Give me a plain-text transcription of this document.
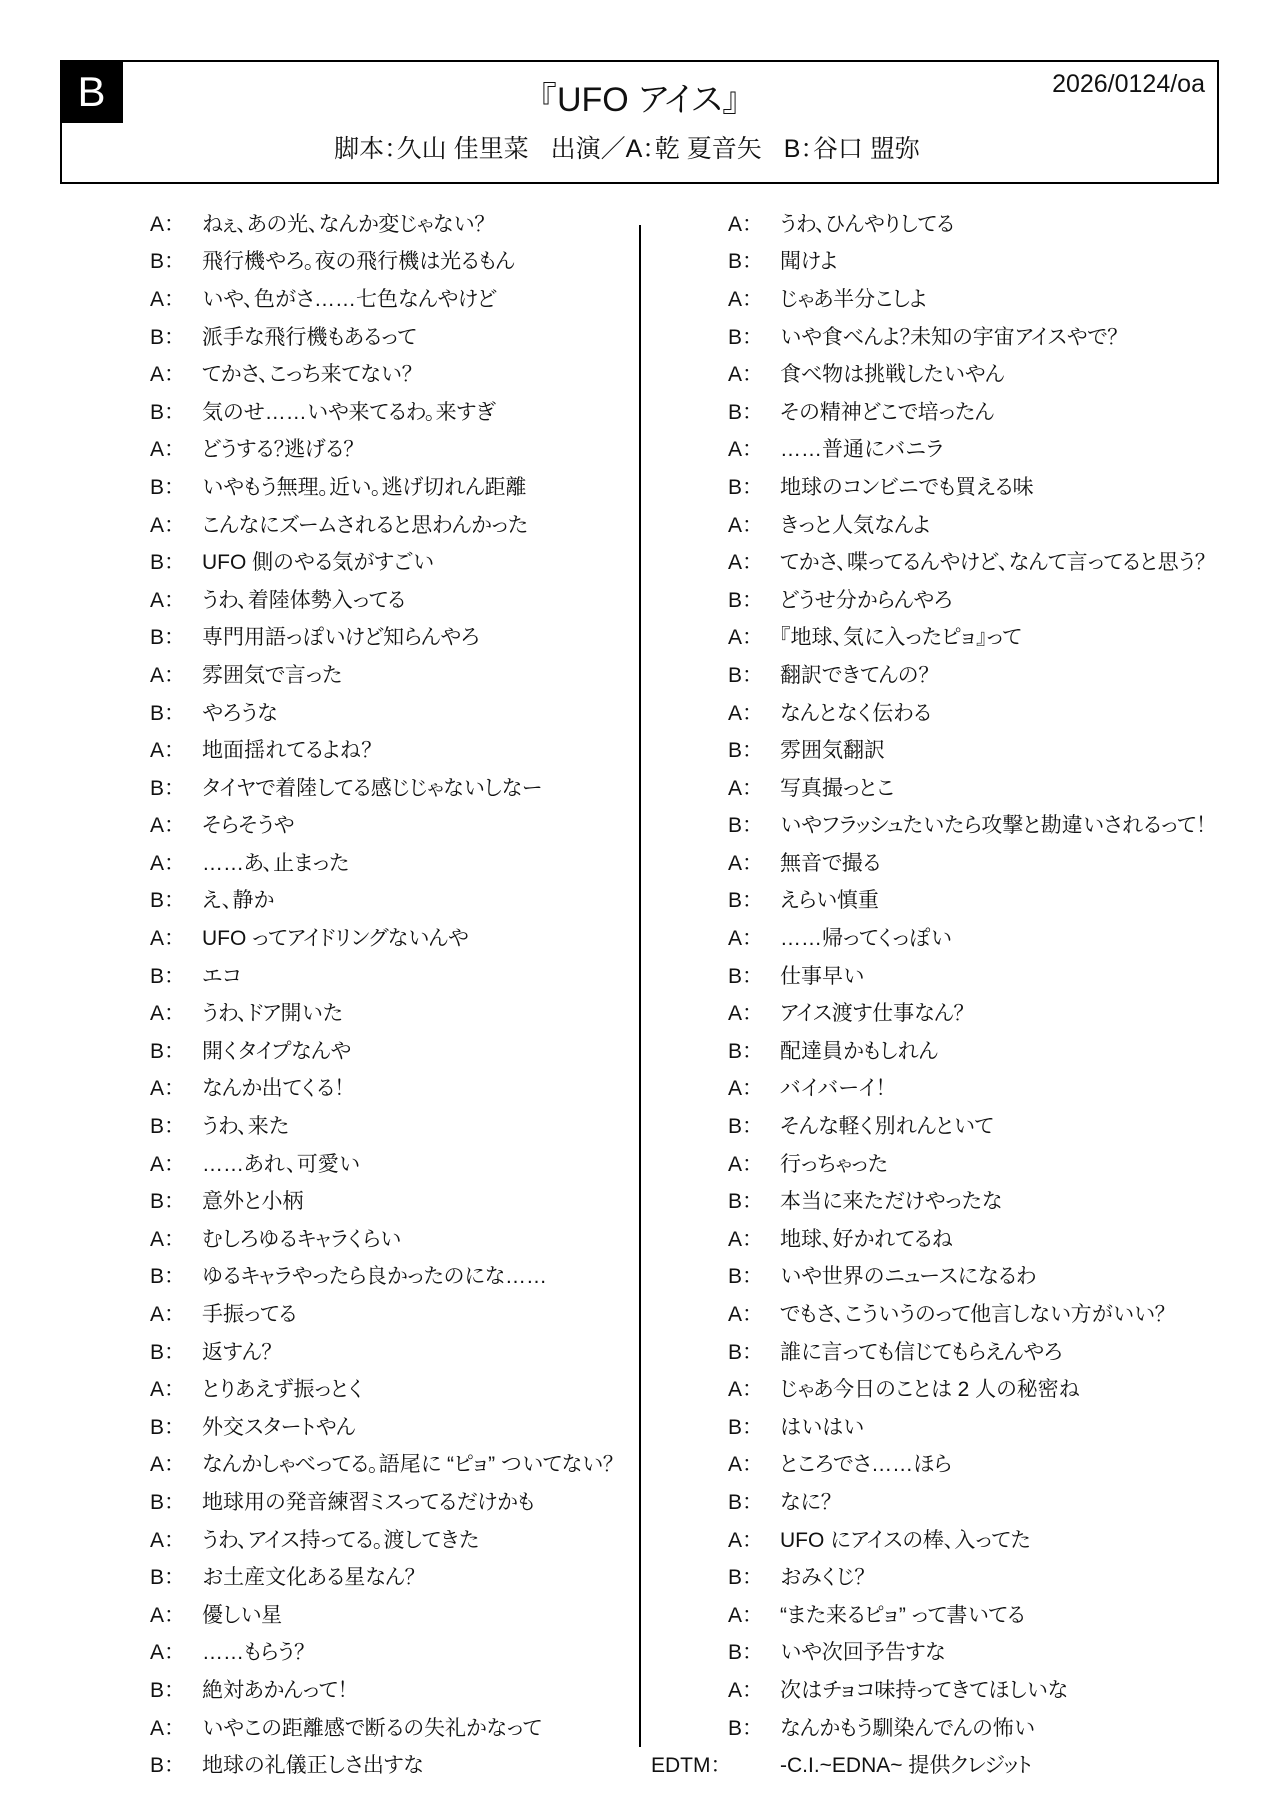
B	『UFO アイス』	2026/0124/oa
脚本：久山 佳里菜 出演／A：乾 夏音矢 B：谷口 盟弥
A：	ねぇ、あの光、なんか変じゃない？
B：	飛行機やろ。夜の飛行機は光るもん
A：	いや、色がさ……七色なんやけど
B：	派手な飛行機もあるって
A：	てかさ、こっち来てない？
B：	気のせ……いや来てるわ。来すぎ
A：	どうする？逃げる？
B：	いやもう無理。近い。逃げ切れん距離
A：	こんなにズームされると思わんかった
B：	UFO 側のやる気がすごい
A：	うわ、着陸体勢入ってる
B：	専門用語っぽいけど知らんやろ
A：	雰囲気で言った
B：	やろうな
A：	地面揺れてるよね？
B：	タイヤで着陸してる感じじゃないしなー
A：	そらそうや
A：	……あ、止まった
B：	え、静か
A：	UFO ってアイドリングないんや
B：	エコ
A：	うわ、ドア開いた
B：	開くタイプなんや
A：	なんか出てくる！
B：	うわ、来た
A：	……あれ、可愛い
B：	意外と小柄
A：	むしろゆるキャラくらい
B：	ゆるキャラやったら良かったのにな……
A：	手振ってる
B：	返すん？
A：	とりあえず振っとく
B：	外交スタートやん
A：	なんかしゃべってる。語尾に “ピョ” ついてない？
B：	地球用の発音練習ミスってるだけかも
A：	うわ、アイス持ってる。渡してきた
B：	お土産文化ある星なん？
A：	優しい星
A：	……もらう？
B：	絶対あかんって！
A：	いやこの距離感で断るの失礼かなって
B：	地球の礼儀正しさ出すな
A：	うわ、ひんやりしてる
B：	聞けよ
A：	じゃあ半分こしよ
B：	いや食べんよ？未知の宇宙アイスやで？
A：	食べ物は挑戦したいやん
B：	その精神どこで培ったん
A：	……普通にバニラ
B：	地球のコンビニでも買える味
A：	きっと人気なんよ
A：	てかさ、喋ってるんやけど、なんて言ってると思う？
B：	どうせ分からんやろ
A：	『地球、気に入ったピョ』って
B：	翻訳できてんの？
A：	なんとなく伝わる
B：	雰囲気翻訳
A：	写真撮っとこ
B：	いやフラッシュたいたら攻撃と勘違いされるって！
A：	無音で撮る
B：	えらい慎重
A：	……帰ってくっぽい
B：	仕事早い
A：	アイス渡す仕事なん？
B：	配達員かもしれん
A：	バイバーイ！
B：	そんな軽く別れんといて
A：	行っちゃった
B：	本当に来ただけやったな
A：	地球、好かれてるね
B：	いや世界のニュースになるわ
A：	でもさ、こういうのって他言しない方がいい？
B：	誰に言っても信じてもらえんやろ
A：	じゃあ今日のことは 2 人の秘密ね
B：	はいはい
A：	ところでさ……ほら
B：	なに？
A：	UFO にアイスの棒、入ってた
B：	おみくじ？
A：	“また来るピョ” って書いてる
B：	いや次回予告すな
A：	次はチョコ味持ってきてほしいな
B：	なんかもう馴染んでんの怖い
EDTM：	-C.I.~EDNA~ 提供クレジット
